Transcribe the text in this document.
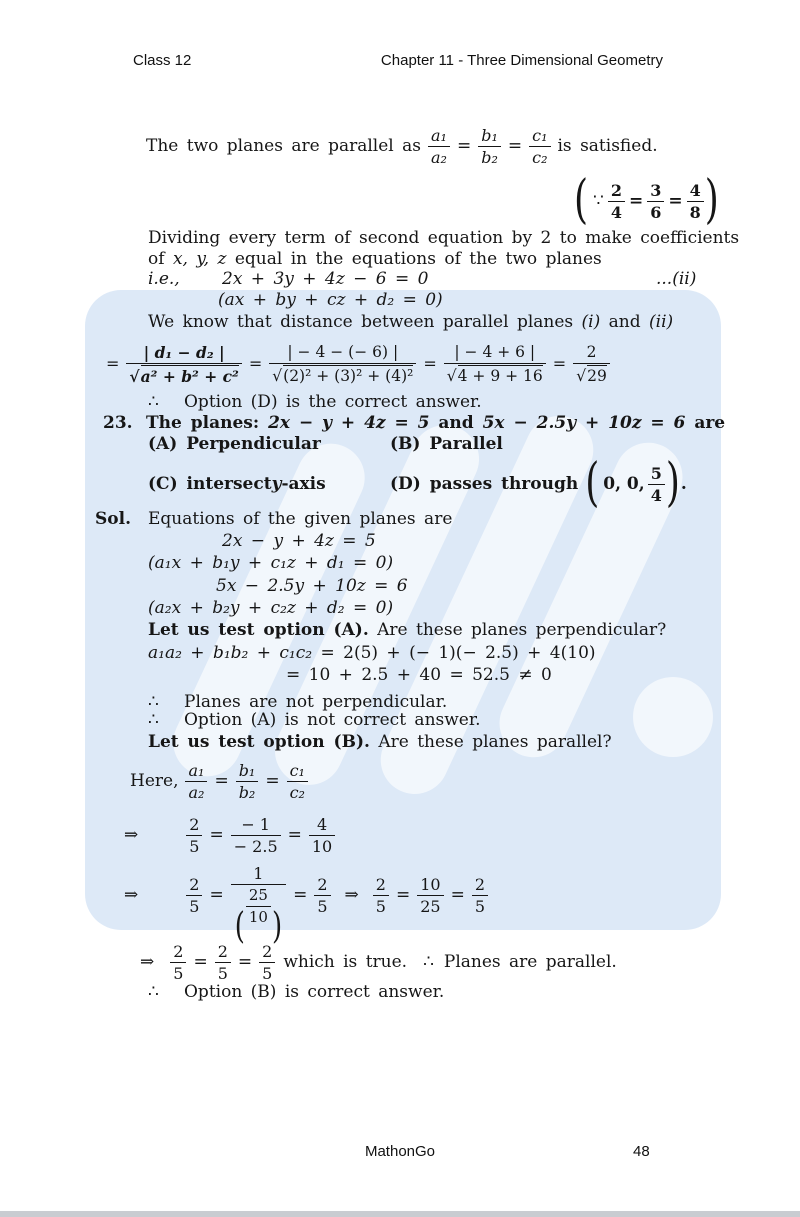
Class 12	Chapter 11 - Three Dimensional Geometry
The two planes are parallel as $\frac{\text{a₁}}{\text{a₂}} = \frac{\text{b₁}}{\text{b₂}} = \frac{\text{c₁}}{\text{c₂}}$ is satisfied.
( ∵ $\frac{2}{4} = \frac{3}{6} = \frac{4}{8}$ )
Dividing every term of second equation by 2 to make coefficients
of x, y, z equal in the equations of the two planes
i.e., 2x + 3y + 4z − 6 = 0	...(ii)
(ax + by + cz + d₂ = 0)
We know that distance between parallel planes (i) and (ii)
= $\frac{\text{| d₁ − d₂ |}}{\text{√ a² + b² + c²}} = \frac{| - 4 - (- 6) |}{\text{√ (2)² + (3)² + (4)²}} = \frac{| - 4 + 6 |}{√ 4 + 9 + 16} = \frac{2}{√ 29}$
∴ Option (D) is the correct answer.
23. The planes: 2x − y + 4z = 5 and 5x − 2.5y + 10z = 6 are
(A) Perpendicular	(B) Parallel
(C) intersecty-axis	(D) passes through ( 0, 0, $\frac{5}{4}$ ) .
Sol. Equations of the given planes are
2x − y + 4z = 5
(a₁x + b₁y + c₁z + d₁ = 0)
5x − 2.5y + 10z = 6
(a₂x + b₂y + c₂z + d₂ = 0)
Let us test option (A). Are these planes perpendicular?
a₁a₂ + b₁b₂ + c₁c₂ = 2(5) + (− 1)(− 2.5) + 4(10)
= 10 + 2.5 + 40 = 52.5 ≠ 0
∴ Planes are not perpendicular.
∴ Option (A) is not correct answer.
Let us test option (B). Are these planes parallel?
Here, $\frac{\text{a₁}}{\text{a₂}} = \frac{\text{b₁}}{\text{b₂}} = \frac{\text{c₁}}{\text{c₂}}$
⇒	$\frac{2}{5} = \frac{- 1}{- 2.5} = \frac{4}{10}$
⇒	$\frac{2}{5} = \frac{1}{( \frac{25}{10} )} = \frac{2}{5}$ ⇒ $\frac{2}{5} = \frac{10}{25} = \frac{2}{5}$
⇒ $\frac{2}{5} = \frac{2}{5} = \frac{2}{5}$ which is true. ∴ Planes are parallel.
∴ Option (B) is correct answer.
MathonGo	48
